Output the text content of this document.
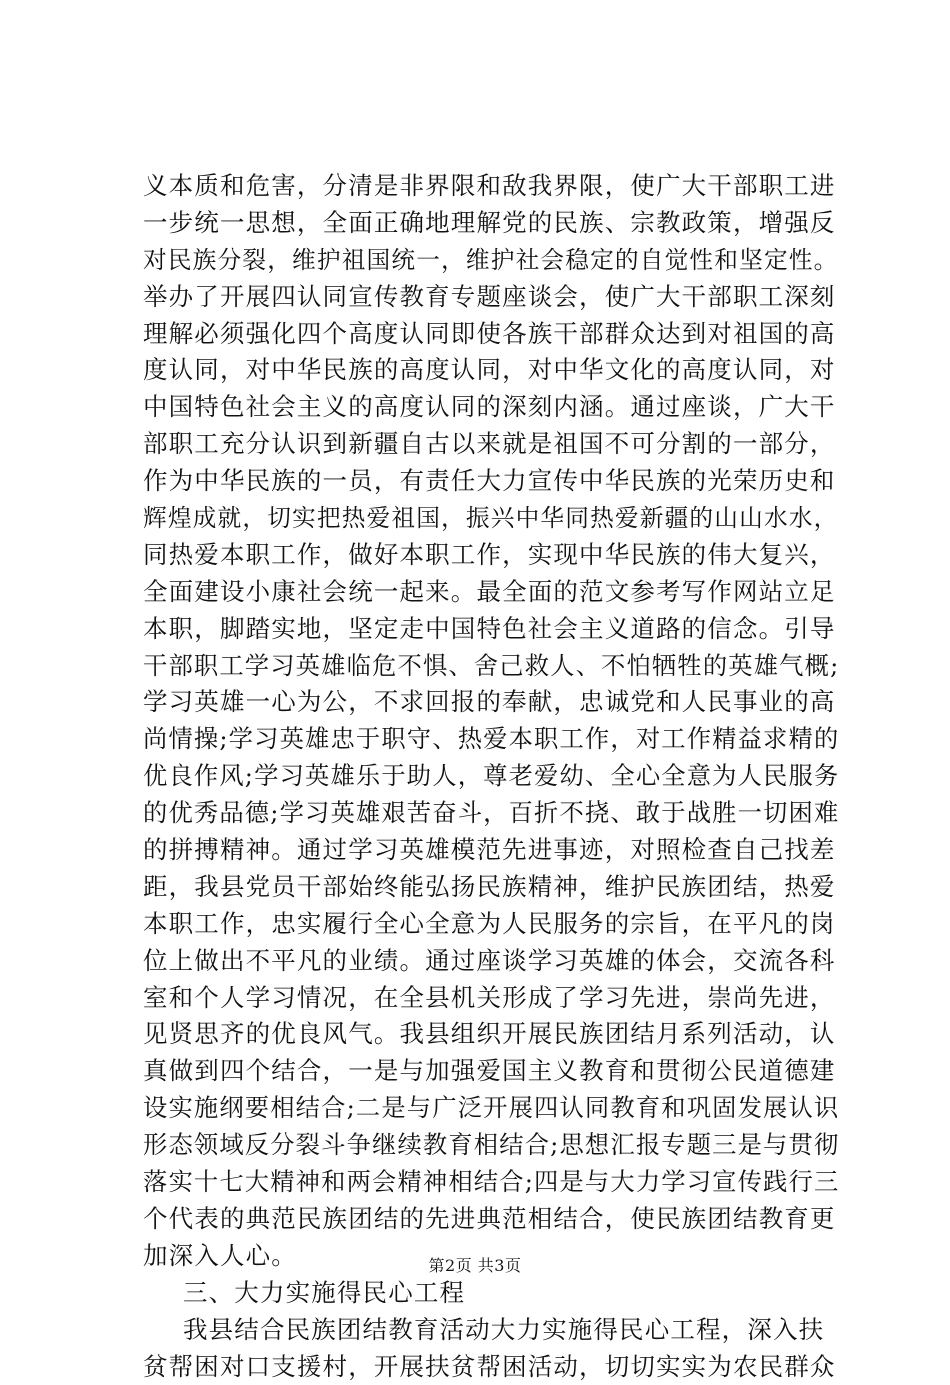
义本质和危害，分清是非界限和敌我界限，使广大干部职工进
一步统一思想，全面正确地理解党的民族、宗教政策，增强反
对民族分裂，维护祖国统一，维护社会稳定的自觉性和坚定性。
举办了开展四认同宣传教育专题座谈会，使广大干部职工深刻
理解必须强化四个高度认同即使各族干部群众达到对祖国的高
度认同，对中华民族的高度认同，对中华文化的高度认同，对
中国特色社会主义的高度认同的深刻内涵。通过座谈，广大干
部职工充分认识到新疆自古以来就是祖国不可分割的一部分，
作为中华民族的一员，有责任大力宣传中华民族的光荣历史和
辉煌成就，切实把热爱祖国，振兴中华同热爱新疆的山山水水，
同热爱本职工作，做好本职工作，实现中华民族的伟大复兴，
全面建设小康社会统一起来。最全面的范文参考写作网站立足
本职，脚踏实地，坚定走中国特色社会主义道路的信念。引导
干部职工学习英雄临危不惧、舍己救人、不怕牺牲的英雄气概;
学习英雄一心为公，不求回报的奉献，忠诚党和人民事业的高
尚情操;学习英雄忠于职守、热爱本职工作，对工作精益求精的
优良作风;学习英雄乐于助人，尊老爱幼、全心全意为人民服务
的优秀品德;学习英雄艰苦奋斗，百折不挠、敢于战胜一切困难
的拼搏精神。通过学习英雄模范先进事迹，对照检查自己找差
距，我县党员干部始终能弘扬民族精神，维护民族团结，热爱
本职工作，忠实履行全心全意为人民服务的宗旨，在平凡的岗
位上做出不平凡的业绩。通过座谈学习英雄的体会，交流各科
室和个人学习情况，在全县机关形成了学习先进，崇尚先进，
见贤思齐的优良风气。我县组织开展民族团结月系列活动，认
真做到四个结合，一是与加强爱国主义教育和贯彻公民道德建
设实施纲要相结合;二是与广泛开展四认同教育和巩固发展认识
形态领域反分裂斗争继续教育相结合;思想汇报专题三是与贯彻
落实十七大精神和两会精神相结合;四是与大力学习宣传践行三
个代表的典范民族团结的先进典范相结合，使民族团结教育更
加深入人心。
三、大力实施得民心工程
我县结合民族团结教育活动大力实施得民心工程，深入扶
贫帮困对口支援村，开展扶贫帮困活动，切切实实为农民群众
第2页 共3页
